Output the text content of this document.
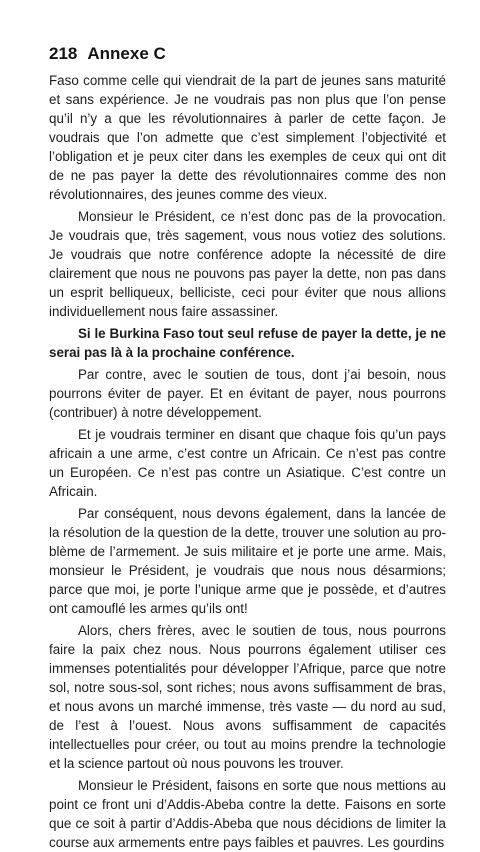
218 Annexe C

Faso comme celle qui viendrait de la part de jeunes sans maturité et sans expérience. Je ne voudrais pas non plus que l’on pense qu’il n’y a que les révolutionnaires à parler de cette façon. Je voudrais que l’on admette que c’est simplement l’objectivité et l’obligation et je peux citer dans les exemples de ceux qui ont dit de ne pas payer la dette des révolutionnaires comme des non révolutionnaires, des jeunes comme des vieux.

Monsieur le Président, ce n’est donc pas de la provocation. Je voudrais que, très sagement, vous nous votiez des solutions. Je voudrais que notre conférence adopte la nécessité de dire clairement que nous ne pouvons pas payer la dette, non pas dans un esprit belliqueux, belliciste, ceci pour éviter que nous allions individuellement nous faire assassiner.

Si le Burkina Faso tout seul refuse de payer la dette, je ne serai pas là à la prochaine conférence.

Par contre, avec le soutien de tous, dont j’ai besoin, nous pourrons éviter de payer. Et en évitant de payer, nous pourrons (contribuer) à notre développement.

Et je voudrais terminer en disant que chaque fois qu’un pays africain a une arme, c’est contre un Africain. Ce n’est pas contre un Européen. Ce n’est pas contre un Asiatique. C’est contre un Africain.

Par conséquent, nous devons également, dans la lancée de la résolution de la question de la dette, trouver une solution au problème de l’armement. Je suis militaire et je porte une arme. Mais, monsieur le Président, je voudrais que nous nous désarmions; parce que moi, je porte l’unique arme que je possède, et d’autres ont camouflé les armes qu’ils ont!

Alors, chers frères, avec le soutien de tous, nous pourrons faire la paix chez nous. Nous pourrons également utiliser ces immenses potentialités pour développer l’Afrique, parce que notre sol, notre sous-sol, sont riches; nous avons suffisamment de bras, et nous avons un marché immense, très vaste — du nord au sud, de l’est à l’ouest. Nous avons suffisamment de capacités intellectuelles pour créer, ou tout au moins prendre la technologie et la science partout où nous pouvons les trouver.

Monsieur le Président, faisons en sorte que nous mettions au point ce front uni d’Addis-Abeba contre la dette. Faisons en sorte que ce soit à partir d’Addis-Abeba que nous décidions de limiter la course aux armements entre pays faibles et pauvres. Les gourdins
